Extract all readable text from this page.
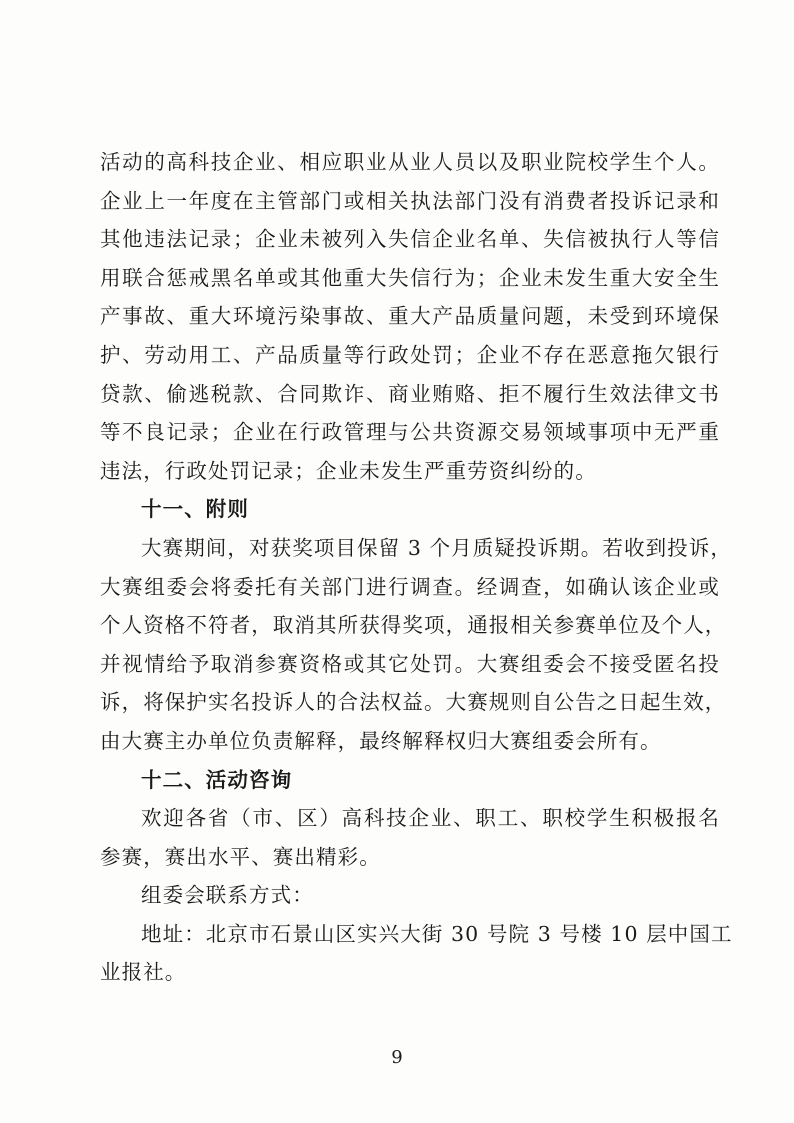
活动的高科技企业、相应职业从业人员以及职业院校学生个人。
企业上一年度在主管部门或相关执法部门没有消费者投诉记录和
其他违法记录；企业未被列入失信企业名单、失信被执行人等信
用联合惩戒黑名单或其他重大失信行为；企业未发生重大安全生
产事故、重大环境污染事故、重大产品质量问题，未受到环境保
护、劳动用工、产品质量等行政处罚；企业不存在恶意拖欠银行
贷款、偷逃税款、合同欺诈、商业贿赂、拒不履行生效法律文书
等不良记录；企业在行政管理与公共资源交易领域事项中无严重
违法，行政处罚记录；企业未发生严重劳资纠纷的。
十一、附则
大赛期间，对获奖项目保留 3 个月质疑投诉期。若收到投诉，
大赛组委会将委托有关部门进行调查。经调查，如确认该企业或
个人资格不符者，取消其所获得奖项，通报相关参赛单位及个人，
并视情给予取消参赛资格或其它处罚。大赛组委会不接受匿名投
诉，将保护实名投诉人的合法权益。大赛规则自公告之日起生效，
由大赛主办单位负责解释，最终解释权归大赛组委会所有。
十二、活动咨询
欢迎各省（市、区）高科技企业、职工、职校学生积极报名
参赛，赛出水平、赛出精彩。
组委会联系方式：
地址：北京市石景山区实兴大街 30 号院 3 号楼 10 层中国工
业报社。
9
